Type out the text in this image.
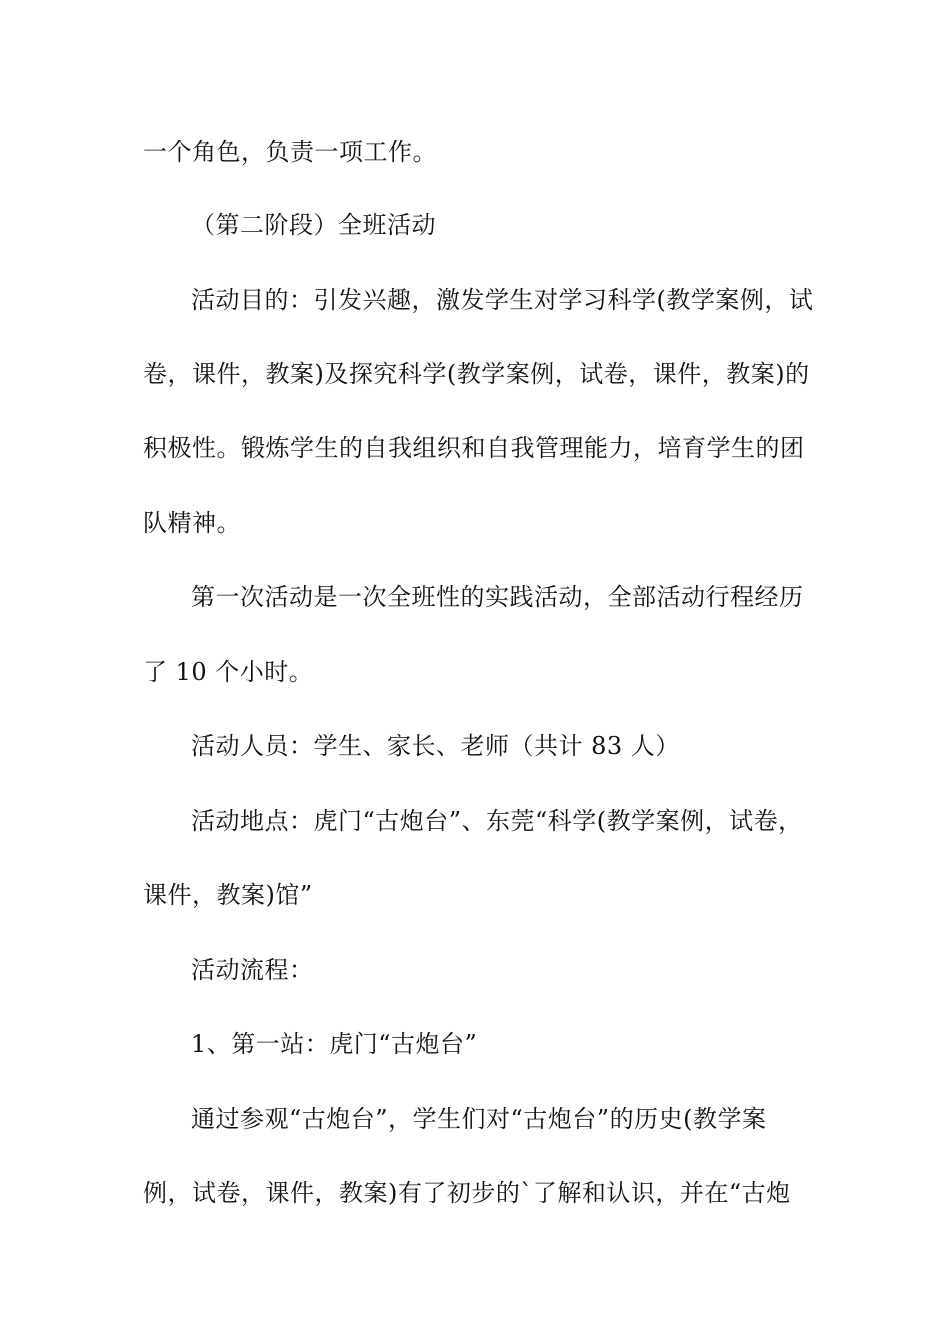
一个角色，负责一项工作。
（第二阶段）全班活动
活动目的：引发兴趣，激发学生对学习科学(教学案例，试
卷，课件，教案)及探究科学(教学案例，试卷，课件，教案)的
积极性。锻炼学生的自我组织和自我管理能力，培育学生的团
队精神。
第一次活动是一次全班性的实践活动，全部活动行程经历
了 10 个小时。
活动人员：学生、家长、老师（共计 83 人）
活动地点：虎门“古炮台”、东莞“科学(教学案例，试卷，
课件，教案)馆”
活动流程：
1、第一站：虎门“古炮台”
通过参观“古炮台”，学生们对“古炮台”的历史(教学案
例，试卷，课件，教案)有了初步的`了解和认识，并在“古炮
